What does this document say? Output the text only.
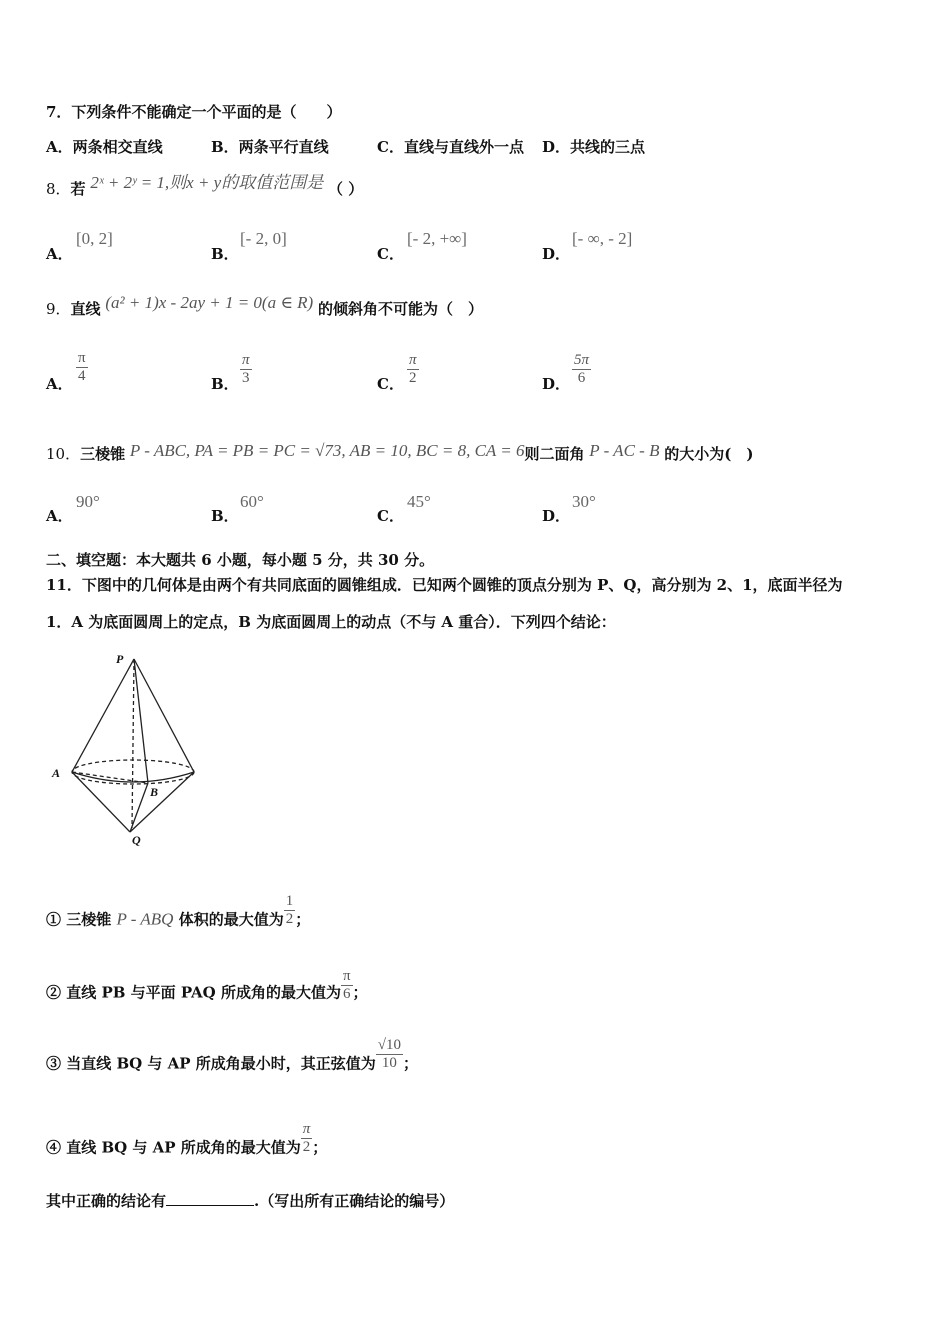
7．下列条件不能确定一个平面的是（　　）
A．两条相交直线	B．两条平行直线	C．直线与直线外一点 D．共线的三点
8．若 2ˣ + 2ʸ = 1,则x + y的取值范围是 （ ）
A．
[0, 2]
B．
[- 2, 0]
C．
[- 2, +∞]
D．
[- ∞, - 2]
9．直线 (a² + 1)x - 2ay + 1 = 0(a ∈ R) 的倾斜角不可能为（　）
A． $\frac{\pi}{4}$	B． $\frac{\pi}{3}$	C． $\frac{\pi}{2}$	D． $\frac{5\pi}{6}$
10．三棱锥 P - ABC, PA = PB = PC = √73, AB = 10, BC = 8, CA = 6则二面角 P - AC - B 的大小为(　)
A．
90°
B．
60°
C．
45°
D．
30°
二、填空题：本大题共 6 小题，每小题 5 分，共 30 分。
11．下图中的几何体是由两个有共同底面的圆锥组成．已知两个圆锥的顶点分别为 P、Q，高分别为 2、1，底面半径为
1．A 为底面圆周上的定点，B 为底面圆周上的动点（不与 A 重合）．下列四个结论：
P
A
B
Q
① 三棱锥 P - ABQ 体积的最大值为 $\frac{1}{2}$ ；
② 直线 PB 与平面 PAQ 所成角的最大值为 $\frac{\pi}{6}$ ；
③ 当直线 BQ 与 AP 所成角最小时，其正弦值为 $\frac{√10}{10}$ ；
④ 直线 BQ 与 AP 所成角的最大值为 $\frac{\pi}{2}$ ；
其中正确的结论有	.（写出所有正确结论的编号）
